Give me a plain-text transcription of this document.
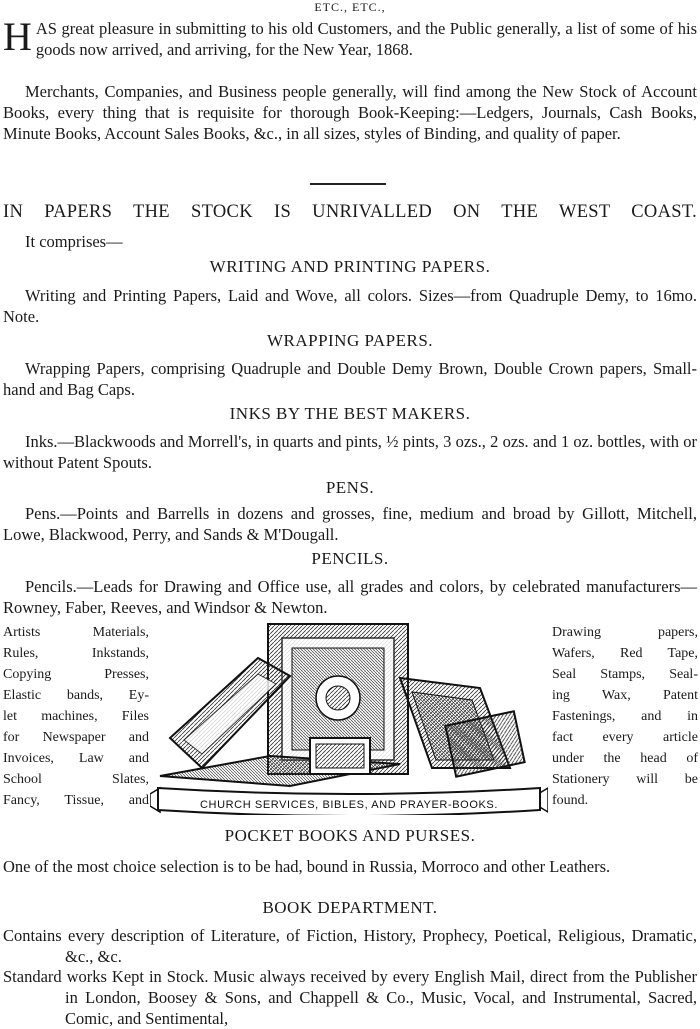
ETC., ETC.,
HAS great pleasure in submitting to his old Customers, and the Public generally, a list of some of his goods now arrived, and arriving, for the New Year, 1868.

Merchants, Companies, and Business people generally, will find among the New Stock of Account Books, every thing that is requisite for thorough Book-Keeping:—Ledgers, Journals, Cash Books, Minute Books, Account Sales Books, &c., in all sizes, styles of Binding, and quality of paper.

IN PAPERS THE STOCK IS UNRIVALLED ON THE WEST COAST.

It comprises—

WRITING AND PRINTING PAPERS.

Writing and Printing Papers, Laid and Wove, all colors. Sizes—from Quadruple Demy, to 16mo. Note.

WRAPPING PAPERS.

Wrapping Papers, comprising Quadruple and Double Demy Brown, Double Crown papers, Small-hand and Bag Caps.

INKS BY THE BEST MAKERS.

Inks.—Blackwoods and Morrell's, in quarts and pints, ½ pints, 3 ozs., 2 ozs. and 1 oz. bottles, with or without Patent Spouts.

PENS.

Pens.—Points and Barrells in dozens and grosses, fine, medium and broad by Gillott, Mitchell, Lowe, Blackwood, Perry, and Sands & M'Dougall.

PENCILS.

Pencils.—Leads for Drawing and Office use, all grades and colors, by celebrated manufacturers—Rowney, Faber, Reeves, and Windsor & Newton.

Artists Materials,
Rules, Inkstands,
Copying Presses,
Elastic bands, Ey-
let machines, Files
for Newspaper and
Invoices, Law and
School Slates,
Fancy, Tissue, and	CHURCH SERVICES, BIBLES, AND PRAYER-BOOKS.
Drawing papers,
Wafers, Red Tape,
Seal Stamps, Seal-
ing Wax, Patent
Fastenings, and in
fact every article
under the head of
Stationery will be
found.

POCKET BOOKS AND PURSES.

One of the most choice selection is to be had, bound in Russia, Morroco and other Leathers.

BOOK DEPARTMENT.

Contains every description of Literature, of Fiction, History, Prophecy, Poetical, Religious, Dramatic, &c., &c.

Standard works Kept in Stock. Music always received by every English Mail, direct from the Publisher in London, Boosey & Sons, and Chappell & Co., Music, Vocal, and Instrumental, Sacred, Comic, and Sentimental,
